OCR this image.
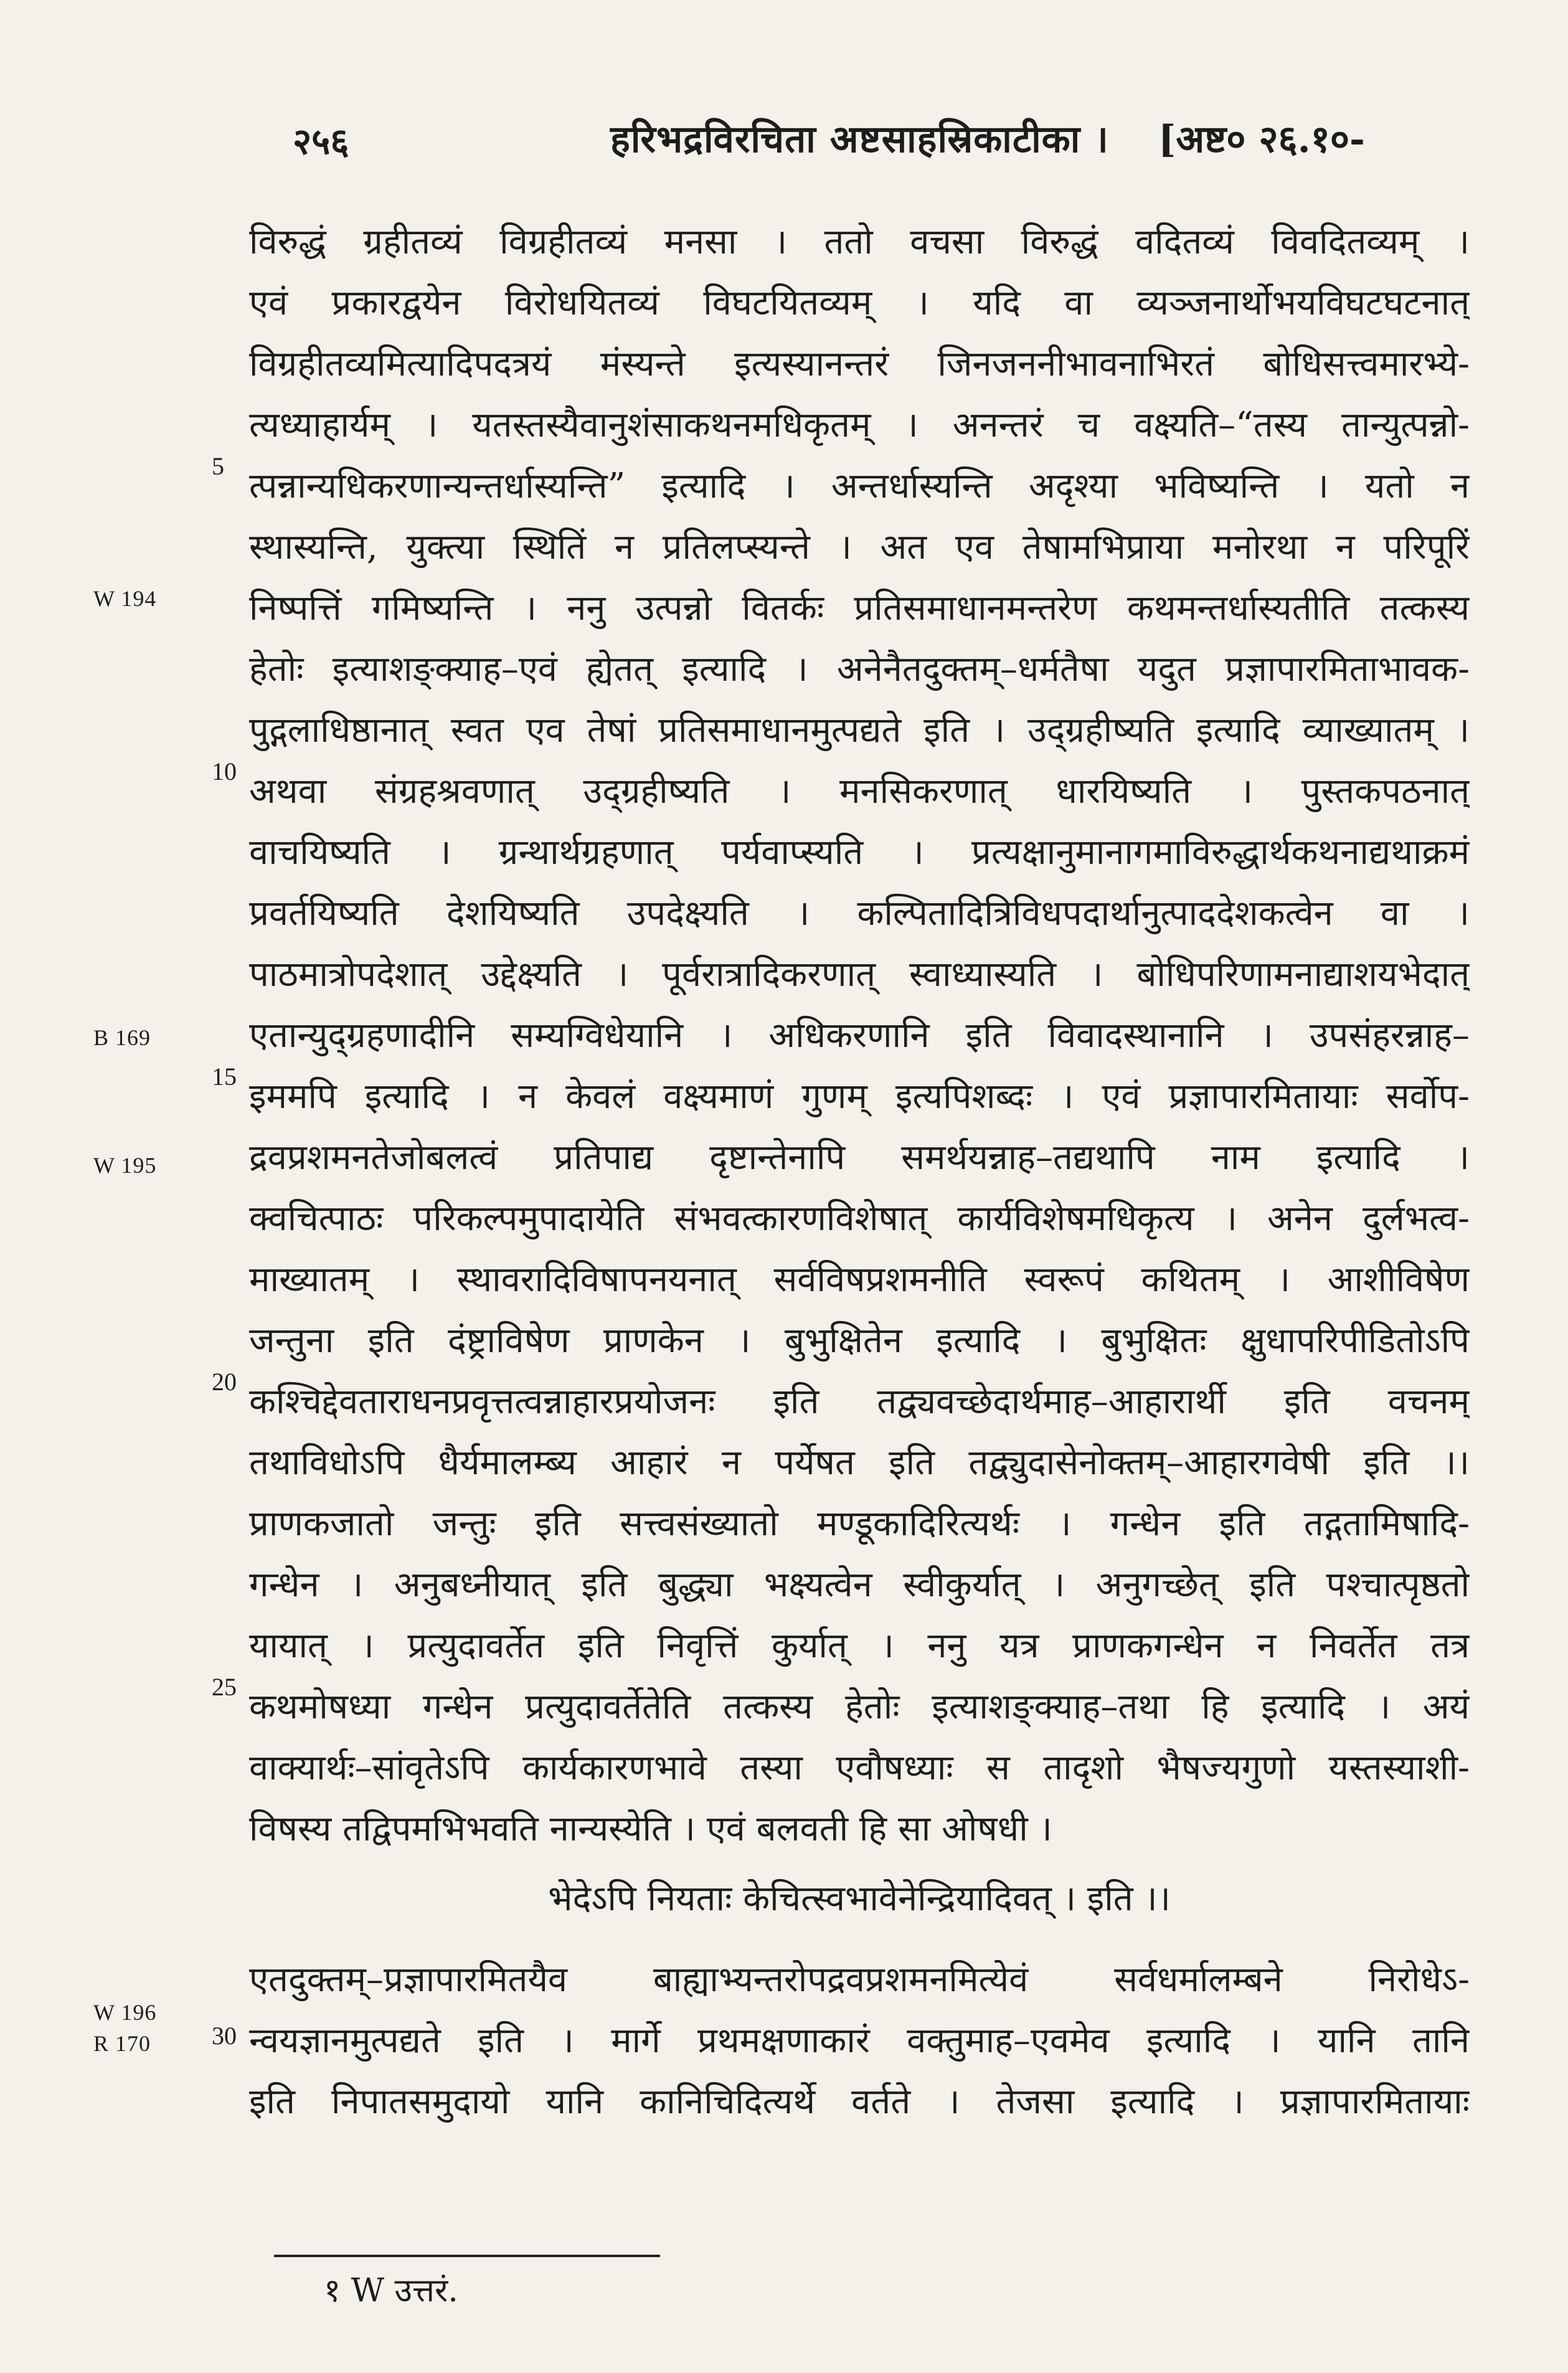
२५६	हरिभद्रविरचिता अष्टसाहस्रिकाटीका । [अष्ट० २६.१०-
विरुद्धं ग्रहीतव्यं विग्रहीतव्यं मनसा । ततो वचसा विरुद्धं वदितव्यं विवदितव्यम् ।
एवं प्रकारद्वयेन विरोधयितव्यं विघटयितव्यम् । यदि वा व्यञ्जनार्थोभयविघटघटनात्
विग्रहीतव्यमित्यादिपदत्रयं मंस्यन्ते इत्यस्यानन्तरं जिनजननीभावनाभिरतं बोधिसत्त्वमारभ्ये-
त्यध्याहार्यम् । यतस्तस्यैवानुशंसाकथनमधिकृतम् । अनन्तरं च वक्ष्यति–“तस्य तान्युत्पन्नो-
त्पन्नान्यधिकरणान्यन्तर्धास्यन्ति” इत्यादि । अन्तर्धास्यन्ति अदृश्या भविष्यन्ति । यतो न
स्थास्यन्ति, युक्त्या स्थितिं न प्रतिलप्स्यन्ते । अत एव तेषामभिप्राया मनोरथा न परिपूरिं
निष्पत्तिं गमिष्यन्ति । ननु उत्पन्नो वितर्कः प्रतिसमाधानमन्तरेण कथमन्तर्धास्यतीति तत्कस्य
हेतोः इत्याशङ्क्याह–एवं ह्येतत् इत्यादि । अनेनैतदुक्तम्–धर्मतैषा यदुत प्रज्ञापारमिताभावक-
पुद्गलाधिष्ठानात् स्वत एव तेषां प्रतिसमाधानमुत्पद्यते इति । उद्ग्रहीष्यति इत्यादि व्याख्यातम् ।
अथवा संग्रहश्रवणात् उद्ग्रहीष्यति । मनसिकरणात् धारयिष्यति । पुस्तकपठनात्
वाचयिष्यति । ग्रन्थार्थग्रहणात् पर्यवाप्स्यति । प्रत्यक्षानुमानागमाविरुद्धार्थकथनाद्यथाक्रमं
प्रवर्तयिष्यति देशयिष्यति उपदेक्ष्यति । कल्पितादित्रिविधपदार्थानुत्पाददेशकत्वेन वा ।
पाठमात्रोपदेशात् उद्देक्ष्यति । पूर्वरात्रादिकरणात् स्वाध्यास्यति । बोधिपरिणामनाद्याशयभेदात्
एतान्युद्ग्रहणादीनि सम्यग्विधेयानि । अधिकरणानि इति विवादस्थानानि । उपसंहरन्नाह–
इममपि इत्यादि । न केवलं वक्ष्यमाणं गुणम् इत्यपिशब्दः । एवं प्रज्ञापारमितायाः सर्वोप-
द्रवप्रशमनतेजोबलत्वं प्रतिपाद्य दृष्टान्तेनापि समर्थयन्नाह–तद्यथापि नाम इत्यादि ।
क्वचित्पाठः परिकल्पमुपादायेति संभवत्कारणविशेषात् कार्यविशेषमधिकृत्य । अनेन दुर्लभत्व-
माख्यातम् । स्थावरादिविषापनयनात् सर्वविषप्रशमनीति स्वरूपं कथितम् । आशीविषेण
जन्तुना इति दंष्ट्राविषेण प्राणकेन । बुभुक्षितेन इत्यादि । बुभुक्षितः क्षुधापरिपीडितोऽपि
कश्चिद्देवताराधनप्रवृत्तत्वन्नाहारप्रयोजनः इति तद्व्यवच्छेदार्थमाह–आहारार्थी इति वचनम्
तथाविधोऽपि धैर्यमालम्ब्य आहारं न पर्येषत इति तद्व्युदासेनोक्तम्–आहारगवेषी इति ।।
प्राणकजातो जन्तुः इति सत्त्वसंख्यातो मण्डूकादिरित्यर्थः । गन्धेन इति तद्गतामिषादि-
गन्धेन । अनुबध्नीयात् इति बुद्ध्या भक्ष्यत्वेन स्वीकुर्यात् । अनुगच्छेत् इति पश्चात्पृष्ठतो
यायात् । प्रत्युदावर्तेत इति निवृत्तिं कुर्यात् । ननु यत्र प्राणकगन्धेन न निवर्तेत तत्र
कथमोषध्या गन्धेन प्रत्युदावर्तेतेति तत्कस्य हेतोः इत्याशङ्क्याह–तथा हि इत्यादि । अयं
वाक्यार्थः–सांवृतेऽपि कार्यकारणभावे तस्या एवौषध्याः स तादृशो भैषज्यगुणो यस्तस्याशी-
विषस्य तद्विपमभिभवति नान्यस्येति । एवं बलवती हि सा ओषधी ।
भेदेऽपि नियताः केचित्स्वभावेनेन्द्रियादिवत् । इति ।।
एतदुक्तम्–प्रज्ञापारमितयैव बाह्याभ्यन्तरोपद्रवप्रशमनमित्येवं सर्वधर्मालम्बने निरोधेऽ-
न्वयज्ञानमुत्पद्यते इति । मार्गे प्रथमक्षणाकारं वक्तुमाह–एवमेव इत्यादि । यानि तानि
इति निपातसमुदायो यानि कानिचिदित्यर्थे वर्तते । तेजसा इत्यादि । प्रज्ञापारमितायाः
5
10
15
20
25
30
W 194
B 169
W 195
W 196
R 170
१ W उत्तरं.
